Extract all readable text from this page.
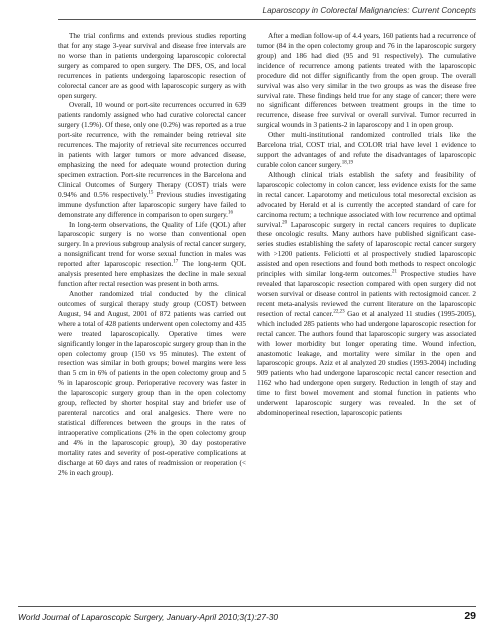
Laparoscopy in Colorectal Malignancies: Current Concepts

The trial confirms and extends previous studies reporting that for any stage 3-year survival and disease free intervals are no worse than in patients undergoing laparoscopic colorectal surgery as compared to open surgery. The DFS, OS, and local recurrences in patients undergoing laparoscopic resection of colorectal cancer are as good with laparoscopic surgery as with open surgery.

Overall, 10 wound or port-site recurrences occurred in 639 patients randomly assigned who had curative colorectal cancer surgery (1.9%). Of these, only one (0.2%) was reported as a true port-site recurrence, with the remainder being retrieval site recurrences. The majority of retrieval site recurrences occurred in patients with larger tumors or more advanced disease, emphasizing the need for adequate wound protection during specimen extraction. Port-site recurrences in the Barcelona and Clinical Outcomes of Surgery Therapy (COST) trials were 0.94% and 0.5% respectively.$^{15}$ Previous studies investigating immune dysfunction after laparoscopic surgery have failed to demonstrate any difference in comparison to open surgery.$^{16}$

In long-term observations, the Quality of Life (QOL) after laparoscopic surgery is no worse than conventional open surgery. In a previous subgroup analysis of rectal cancer surgery, a nonsignificant trend for worse sexual function in males was reported after laparoscopic resection.$^{17}$ The long-term QOL analysis presented here emphasizes the decline in male sexual function after rectal resection was present in both arms.

Another randomized trial conducted by the clinical outcomes of surgical therapy study group (COST) between August, 94 and August, 2001 of 872 patients was carried out where a total of 428 patients underwent open colectomy and 435 were treated laparoscopically. Operative times were significantly longer in the laparoscopic surgery group than in the open colectomy group (150 vs 95 minutes). The extent of resection was similar in both groups; bowel margins were less than 5 cm in 6% of patients in the open colectomy group and 5 % in laparoscopic group. Perioperative recovery was faster in the laparoscopic surgery group than in the open colectomy group, reflected by shorter hospital stay and briefer use of parenteral narcotics and oral analgesics. There were no statistical differences between the groups in the rates of intraoperative complications (2% in the open colectomy group and 4% in the laparoscopic group), 30 day postoperative mortality rates and severity of post-operative complications at discharge at 60 days and rates of readmission or reoperation (< 2% in each group).

After a median follow-up of 4.4 years, 160 patients had a recurrence of tumor (84 in the open colectomy group and 76 in the laparoscopic surgery group) and 186 had died (95 and 91 respectively). The cumulative incidence of recurrence among patients treated with the laparoscopic procedure did not differ significantly from the open group. The overall survival was also very similar in the two groups as was the disease free survival rate. These findings held true for any stage of cancer; there were no significant differences between treatment groups in the time to recurrence, disease free survival or overall survival. Tumor recurred in surgical wounds in 3 patients-2 in laparoscopy and 1 in open group.

Other multi-institutional randomized controlled trials like the Barcelona trial, COST trial, and COLOR trial have level 1 evidence to support the advantages of and refute the disadvantages of laparoscopic curable colon cancer surgery.$^{18,19}$

Although clinical trials establish the safety and feasibility of laparoscopic colectomy in colon cancer, less evidence exists for the same in rectal cancer. Laparotomy and meticulous total mesorectal excision as advocated by Herald et al is currently the accepted standard of care for carcinoma rectum; a technique associated with low recurrence and optimal survival.$^{20}$ Laparoscopic surgery in rectal cancers requires to duplicate these oncologic results. Many authors have published significant case-series studies establishing the safety of laparoscopic rectal cancer surgery with >1200 patients. Feliciotti et al prospectively studied laparoscopic assisted and open resections and found both methods to respect oncologic principles with similar long-term outcomes.$^{21}$ Prospective studies have revealed that laparoscopic resection compared with open surgery did not worsen survival or disease control in patients with rectosigmoid cancer. 2 recent meta-analysis reviewed the current literature on the laparoscopic resection of rectal cancer.$^{22,23}$ Gao et al analyzed 11 studies (1995-2005), which included 285 patients who had undergone laparoscopic resection for rectal cancer. The authors found that laparoscopic surgery was associated with lower morbidity but longer operating time. Wound infection, anastomotic leakage, and mortality were similar in the open and laparoscopic groups. Aziz et al analyzed 20 studies (1993-2004) including 909 patients who had undergone laparoscopic rectal cancer resection and 1162 who had undergone open surgery. Reduction in length of stay and time to first bowel movement and stomal function in patients who underwent laparoscopic surgery was revealed. In the set of abdominoperineal resection, laparoscopic patients

World Journal of Laparoscopic Surgery, January-April 2010;3(1):27-30	29
